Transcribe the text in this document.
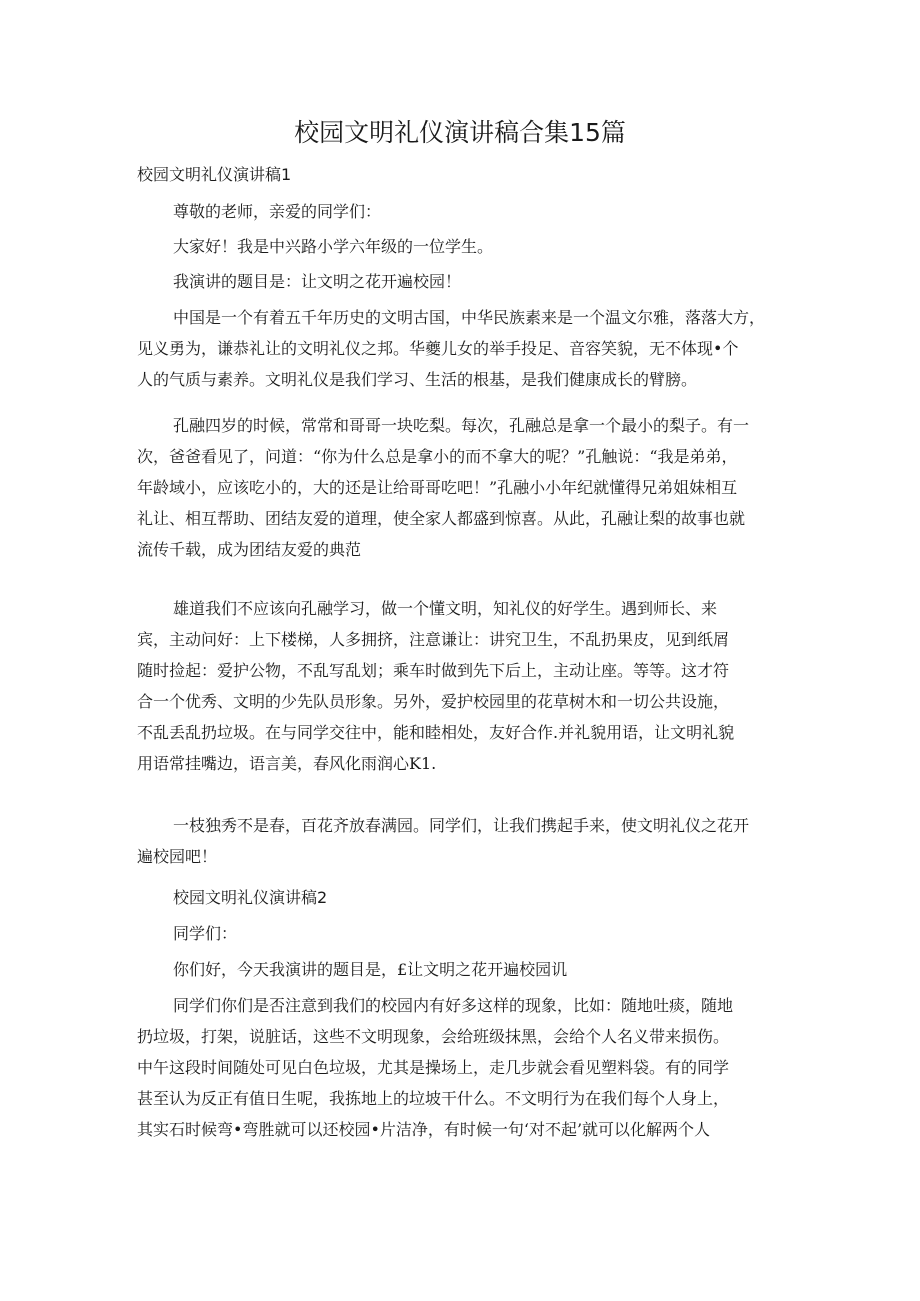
校园文明礼仪演讲稿合集15篇
校园文明礼仪演讲稿1
尊敬的老师，亲爱的同学们：
大家好！我是中兴路小学六年级的一位学生。
我演讲的题目是：让文明之花开遍校园！
中国是一个有着五千年历史的文明古国，中华民族素来是一个温文尔雅，落落大方，
见义勇为，谦恭礼让的文明礼仪之邦。华夔儿女的举手投足、音容笑貌，无不体现•个
人的气质与素养。文明礼仪是我们学习、生活的根基，是我们健康成长的臂膀。
孔融四岁的时候，常常和哥哥一块吃梨。每次，孔融总是拿一个最小的梨子。有一
次，爸爸看见了，问道：“你为什么总是拿小的而不拿大的呢？”孔触说：“我是弟弟，
年龄域小，应该吃小的，大的还是让给哥哥吃吧！”孔融小小年纪就懂得兄弟姐妹相互
礼让、相互帮助、团结友爱的道理，使全家人都盛到惊喜。从此，孔融让梨的故事也就
流传千载，成为团结友爱的典范
雄道我们不应该向孔融学习，做一个懂文明，知礼仪的好学生。遇到师长、来
宾，主动问好：上下楼梯，人多拥挤，注意谦让：讲究卫生，不乱扔果皮，见到纸屑
随时捡起：爱护公物，不乱写乱划；乘车时做到先下后上，主动让座。等等。这才符
合一个优秀、文明的少先队员形象。另外，爱护校园里的花草树木和一切公共设施，
不乱丢乱扔垃圾。在与同学交往中，能和睦相处，友好合作.并礼貌用语，让文明礼貌
用语常挂嘴边，语言美，春风化雨润心K1.
一枝独秀不是春，百花齐放春满园。同学们，让我们携起手来，使文明礼仪之花开
遍校园吧！
校园文明礼仪演讲稿2
同学们：
你们好，今天我演讲的题目是，£让文明之花开遍校园讥
同学们你们是否注意到我们的校园内有好多这样的现象，比如：随地吐痰，随地
扔垃圾，打架，说脏话，这些不文明现象，会给班级抹黑，会给个人名义带来损伤。
中午这段时间随处可见白色垃圾，尤其是操场上，走几步就会看见塑料袋。有的同学
甚至认为反正有值日生呢，我拣地上的垃坡干什么。不文明行为在我们每个人身上，
其实石时候弯•弯胜就可以还校园•片洁净，有时候一句‘对不起’就可以化解两个人
